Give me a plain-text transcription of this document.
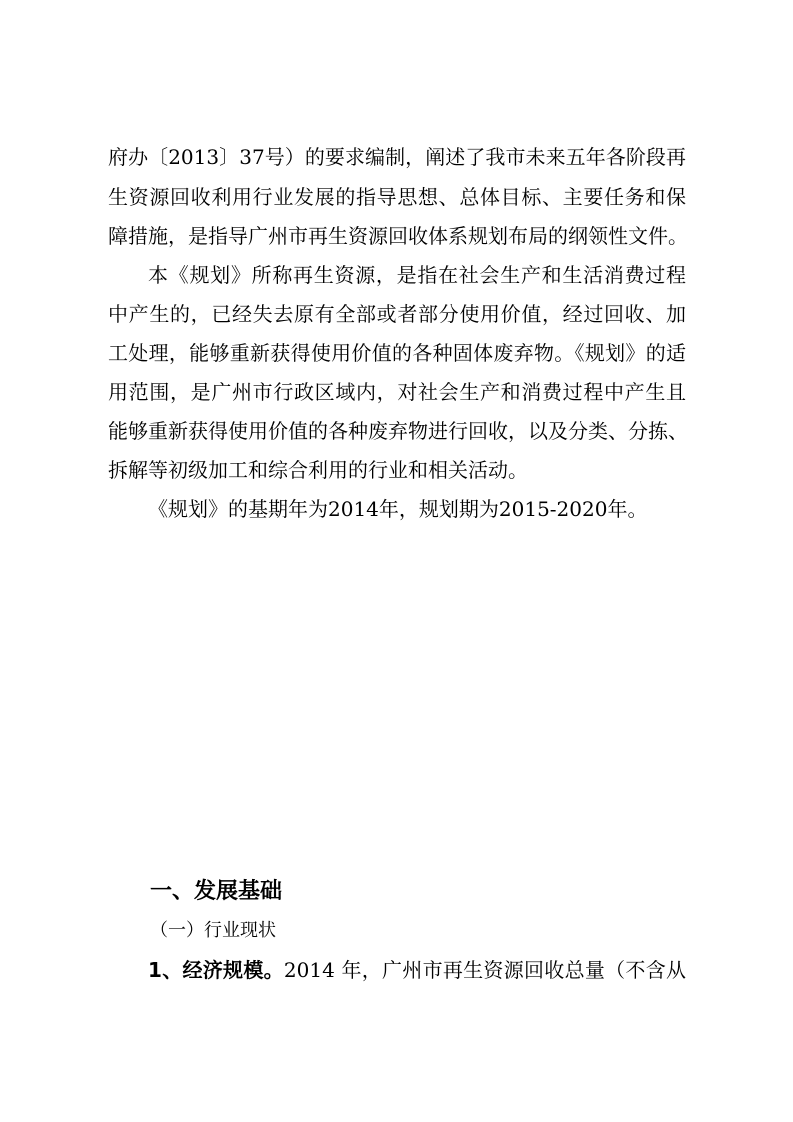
府办〔2013〕37号）的要求编制，阐述了我市未来五年各阶段再
生资源回收利用行业发展的指导思想、总体目标、主要任务和保
障措施，是指导广州市再生资源回收体系规划布局的纲领性文件。
本《规划》所称再生资源，是指在社会生产和生活消费过程
中产生的，已经失去原有全部或者部分使用价值，经过回收、加
工处理，能够重新获得使用价值的各种固体废弃物。《规划》的适
用范围，是广州市行政区域内，对社会生产和消费过程中产生且
能够重新获得使用价值的各种废弃物进行回收，以及分类、分拣、
拆解等初级加工和综合利用的行业和相关活动。
《规划》的基期年为2014年，规划期为2015-2020年。
一、发展基础
（一）行业现状
1、经济规模。2014 年，广州市再生资源回收总量（不含从
